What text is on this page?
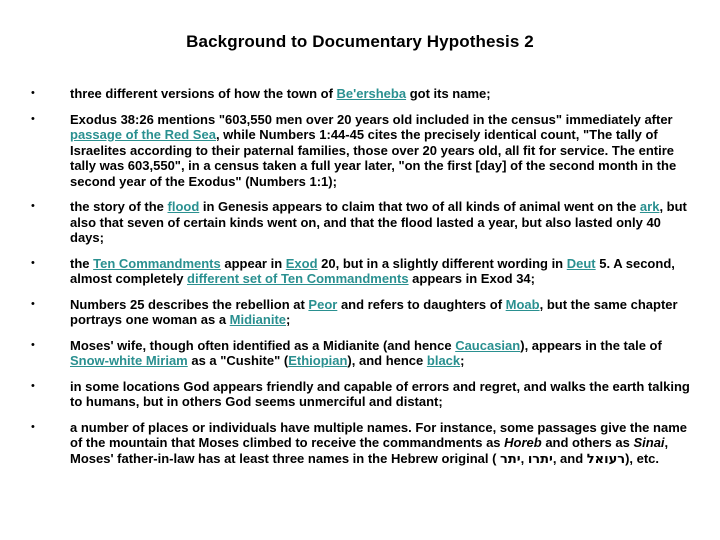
Background to Documentary Hypothesis 2
•	three different versions of how the town of Be'ersheba got its name;
•	Exodus 38:26 mentions "603,550 men over 20 years old included in the census" immediately after passage of the Red Sea, while Numbers 1:44-45 cites the precisely identical count, "The tally of Israelites according to their paternal families, those over 20 years old, all fit for service. The entire tally was 603,550", in a census taken a full year later, "on the first [day] of the second month in the second year of the Exodus" (Numbers 1:1);
•	the story of the flood in Genesis appears to claim that two of all kinds of animal went on the ark, but also that seven of certain kinds went on, and that the flood lasted a year, but also lasted only 40 days;
•	the Ten Commandments appear in Exod 20, but in a slightly different wording in Deut 5. A second, almost completely different set of Ten Commandments appears in Exod 34;
•	Numbers 25 describes the rebellion at Peor and refers to daughters of Moab, but the same chapter portrays one woman as a Midianite;
•	Moses' wife, though often identified as a Midianite (and hence Caucasian), appears in the tale of Snow-white Miriam as a "Cushite" (Ethiopian), and hence black;
•	in some locations God appears friendly and capable of errors and regret, and walks the earth talking to humans, but in others God seems unmerciful and distant;
•	a number of places or individuals have multiple names. For instance, some passages give the name of the mountain that Moses climbed to receive the commandments as Horeb and others as Sinai, Moses' father-in-law has at least three names in the Hebrew original ( יתר, יתרו, and רעואל), etc.
